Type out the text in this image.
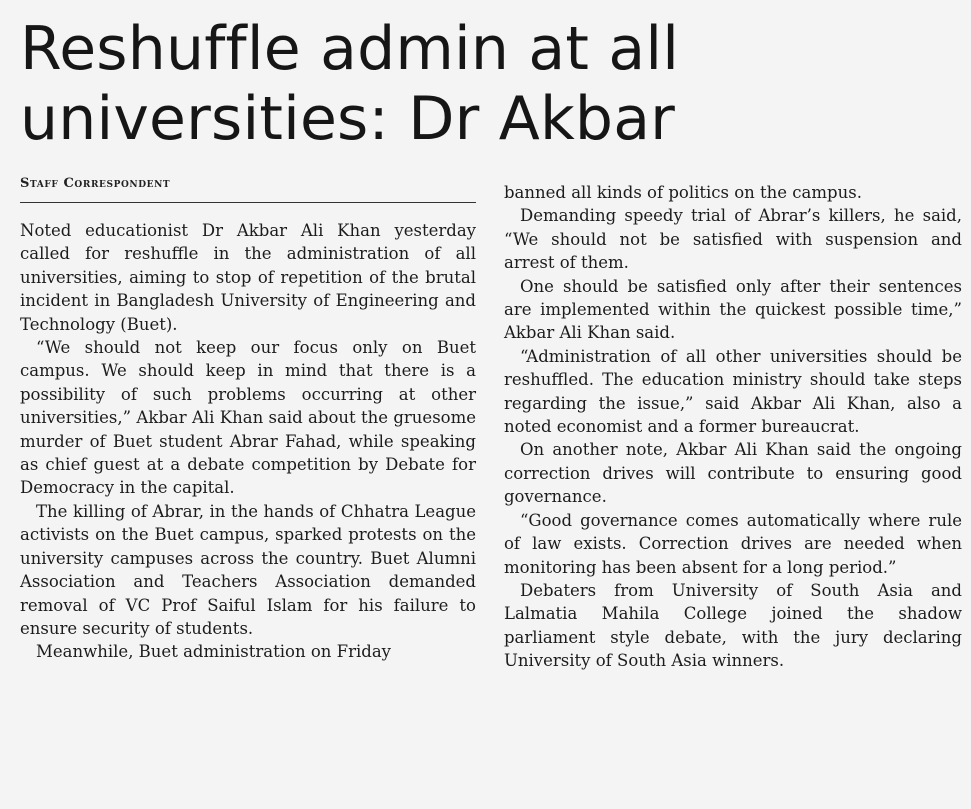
Reshuffle admin at all
universities: Dr Akbar
Staff Correspondent

Noted educationist Dr Akbar Ali Khan yesterday called for reshuffle in the administration of all universities, aiming to stop of repetition of the brutal incident in Bangladesh University of Engineering and Technology (Buet).

“We should not keep our focus only on Buet campus. We should keep in mind that there is a possibility of such problems occurring at other universities,” Akbar Ali Khan said about the gruesome murder of Buet student Abrar Fahad, while speaking as chief guest at a debate competition by Debate for Democracy in the capital.

The killing of Abrar, in the hands of Chhatra League activists on the Buet campus, sparked protests on the university campuses across the country. Buet Alumni Association and Teachers Association demanded removal of VC Prof Saiful Islam for his failure to ensure security of students.

Meanwhile, Buet administration on Friday

banned all kinds of politics on the campus.

Demanding speedy trial of Abrar’s killers, he said, “We should not be satisfied with suspension and arrest of them.

One should be satisfied only after their sentences are implemented within the quickest possible time,” Akbar Ali Khan said.

“Administration of all other universities should be reshuffled. The education ministry should take steps regarding the issue,” said Akbar Ali Khan, also a noted economist and a former bureaucrat.

On another note, Akbar Ali Khan said the ongoing correction drives will contribute to ensuring good governance.

“Good governance comes automatically where rule of law exists. Correction drives are needed when monitoring has been absent for a long period.”

Debaters from University of South Asia and Lalmatia Mahila College joined the shadow parliament style debate, with the jury declaring University of South Asia winners.
